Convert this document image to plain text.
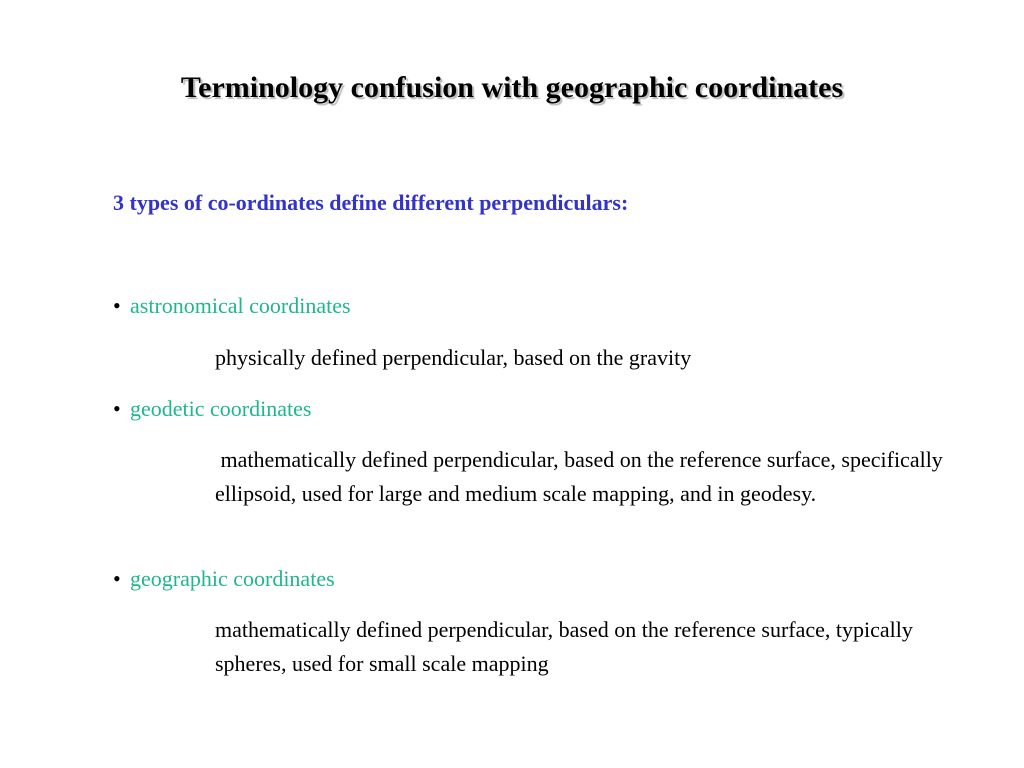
Terminology confusion with geographic coordinates
3 types of co-ordinates define different perpendiculars:
• astronomical coordinates
physically defined perpendicular, based on the gravity
• geodetic coordinates
mathematically defined perpendicular, based on the reference surface, specifically ellipsoid, used for large and medium scale mapping, and in geodesy.
• geographic coordinates
mathematically defined perpendicular, based on the reference surface, typically spheres, used for small scale mapping
